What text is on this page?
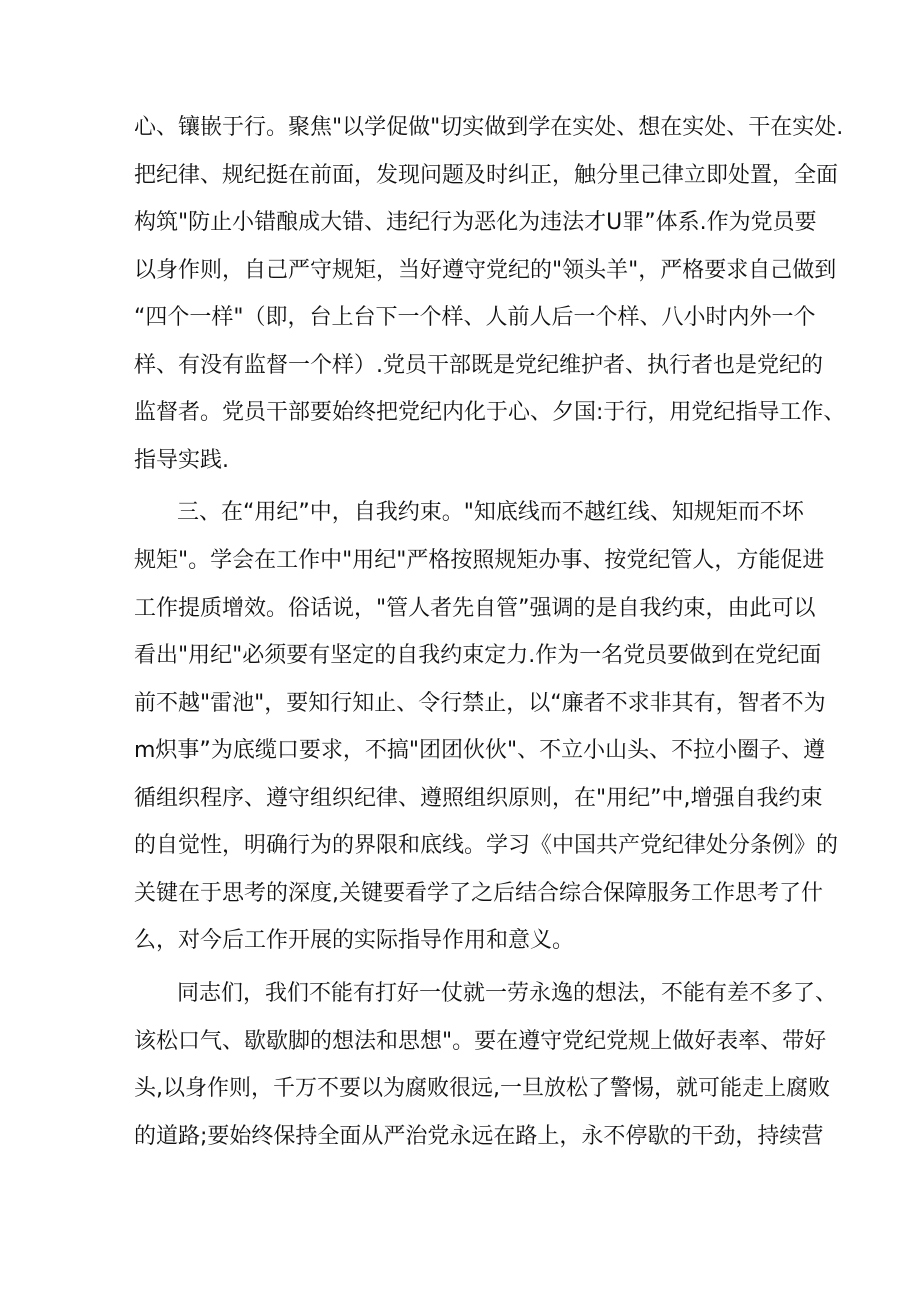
心、镶嵌于行。聚焦"以学促做"切实做到学在实处、想在实处、干在实处.
把纪律、规纪挺在前面，发现问题及时纠正，触分里己律立即处置，全面
构筑"防止小错酿成大错、违纪行为恶化为违法才U罪”体系.作为党员要
以身作则，自己严守规矩，当好遵守党纪的"领头羊"，严格要求自己做到
“四个一样"（即，台上台下一个样、人前人后一个样、八小时内外一个
样、有没有监督一个样）.党员干部既是党纪维护者、执行者也是党纪的
监督者。党员干部要始终把党纪内化于心、夕国:于行，用党纪指导工作、
指导实践.
三、在“用纪”中，自我约束。"知底线而不越红线、知规矩而不坏
规矩"。学会在工作中"用纪"严格按照规矩办事、按党纪管人，方能促进
工作提质增效。俗话说，"管人者先自管”强调的是自我约束，由此可以
看出"用纪"必须要有坚定的自我约束定力.作为一名党员要做到在党纪面
前不越"雷池"，要知行知止、令行禁止，以“廉者不求非其有，智者不为
m炽事”为底缆口要求，不搞"团团伙伙"、不立小山头、不拉小圈子、遵
循组织程序、遵守组织纪律、遵照组织原则，在"用纪”中,增强自我约束
的自觉性，明确行为的界限和底线。学习《中国共产党纪律处分条例》的
关键在于思考的深度,关键要看学了之后结合综合保障服务工作思考了什
么，对今后工作开展的实际指导作用和意义。
同志们，我们不能有打好一仗就一劳永逸的想法，不能有差不多了、
该松口气、歇歇脚的想法和思想"。要在遵守党纪党规上做好表率、带好
头,以身作则，千万不要以为腐败很远,一旦放松了警惕，就可能走上腐败
的道路;要始终保持全面从严治党永远在路上，永不停歇的干劲，持续营
